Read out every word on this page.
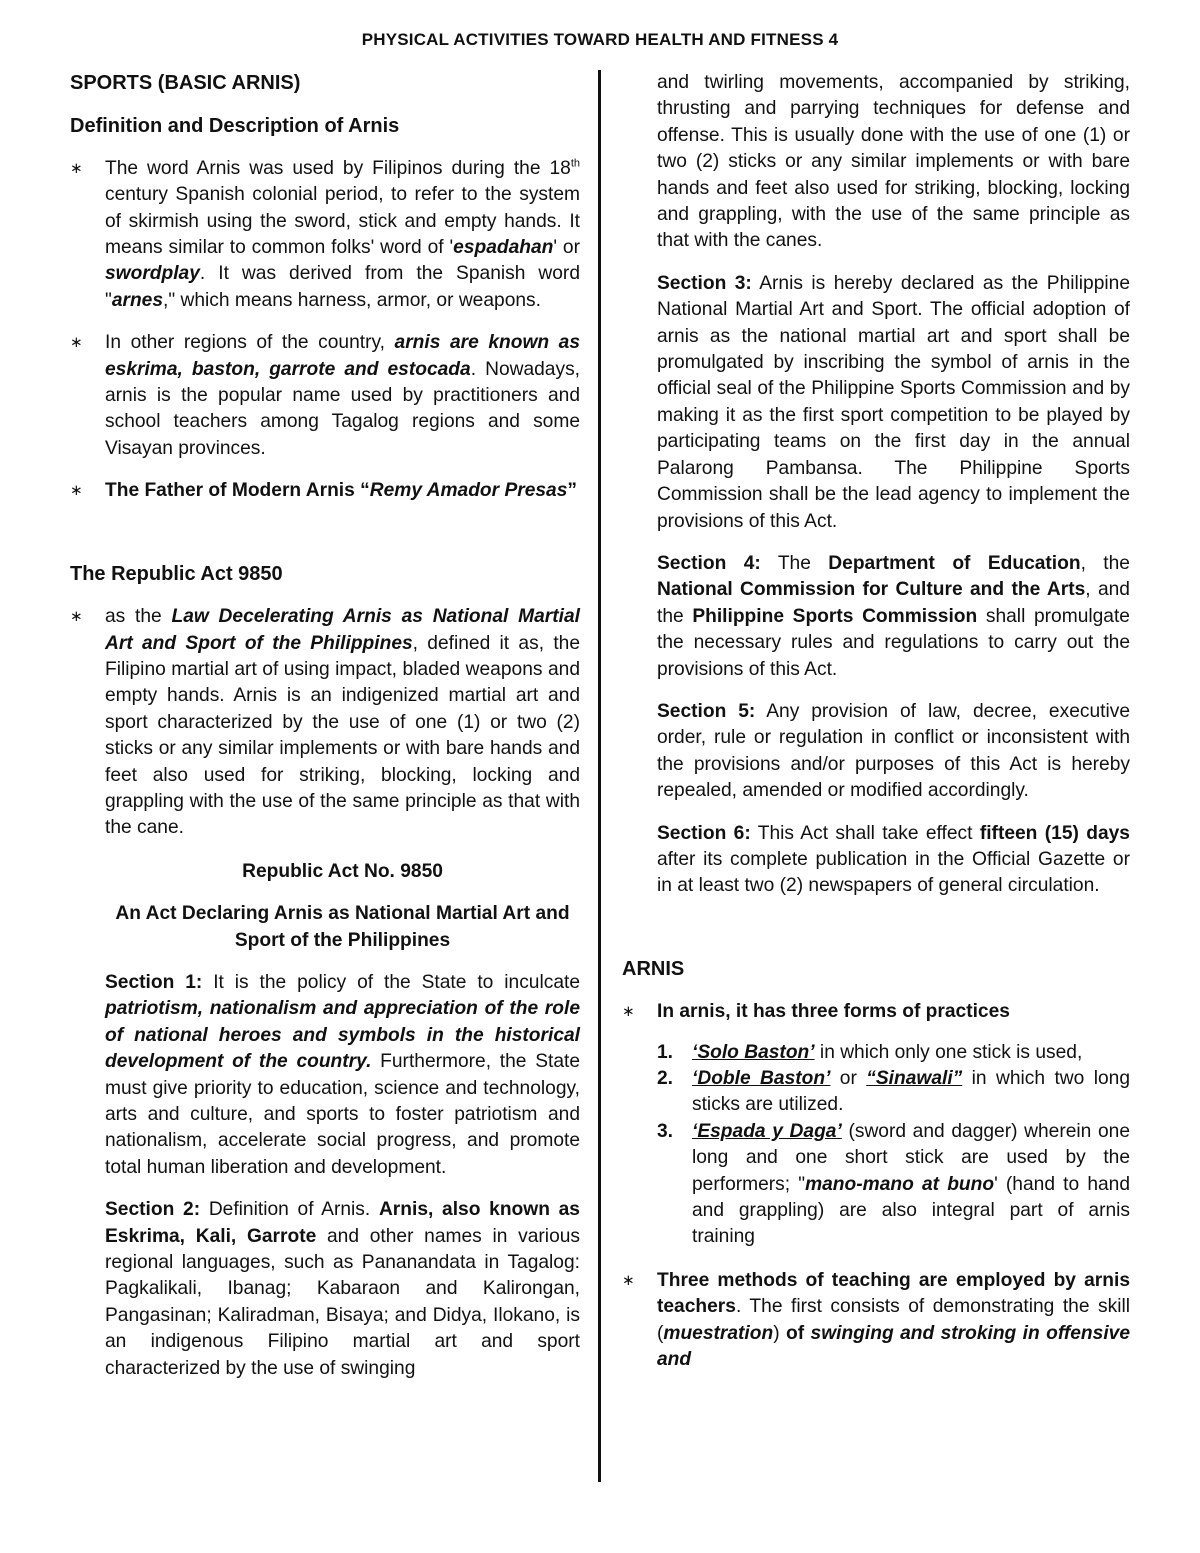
PHYSICAL ACTIVITIES TOWARD HEALTH AND FITNESS 4

SPORTS (BASIC ARNIS)

Definition and Description of Arnis

∗ The word Arnis was used by Filipinos during the 18th century Spanish colonial period, to refer to the system of skirmish using the sword, stick and empty hands. It means similar to common folks' word of 'espadahan' or swordplay. It was derived from the Spanish word "arnes," which means harness, armor, or weapons.
∗ In other regions of the country, arnis are known as eskrima, baston, garrote and estocada. Nowadays, arnis is the popular name used by practitioners and school teachers among Tagalog regions and some Visayan provinces.
∗ The Father of Modern Arnis “Remy Amador Presas”

The Republic Act 9850

∗ as the Law Decelerating Arnis as National Martial Art and Sport of the Philippines, defined it as, the Filipino martial art of using impact, bladed weapons and empty hands. Arnis is an indigenized martial art and sport characterized by the use of one (1) or two (2) sticks or any similar implements or with bare hands and feet also used for striking, blocking, locking and grappling with the use of the same principle as that with the cane.

Republic Act No. 9850

An Act Declaring Arnis as National Martial Art and Sport of the Philippines

Section 1: It is the policy of the State to inculcate patriotism, nationalism and appreciation of the role of national heroes and symbols in the historical development of the country. Furthermore, the State must give priority to education, science and technology, arts and culture, and sports to foster patriotism and nationalism, accelerate social progress, and promote total human liberation and development.
Section 2: Definition of Arnis. Arnis, also known as Eskrima, Kali, Garrote and other names in various regional languages, such as Pananandata in Tagalog: Pagkalikali, Ibanag; Kabaraon and Kalirongan, Pangasinan; Kaliradman, Bisaya; and Didya, Ilokano, is an indigenous Filipino martial art and sport characterized by the use of swinging
and twirling movements, accompanied by striking, thrusting and parrying techniques for defense and offense. This is usually done with the use of one (1) or two (2) sticks or any similar implements or with bare hands and feet also used for striking, blocking, locking and grappling, with the use of the same principle as that with the canes.
Section 3: Arnis is hereby declared as the Philippine National Martial Art and Sport. The official adoption of arnis as the national martial art and sport shall be promulgated by inscribing the symbol of arnis in the official seal of the Philippine Sports Commission and by making it as the first sport competition to be played by participating teams on the first day in the annual Palarong Pambansa. The Philippine Sports Commission shall be the lead agency to implement the provisions of this Act.
Section 4: The Department of Education, the National Commission for Culture and the Arts, and the Philippine Sports Commission shall promulgate the necessary rules and regulations to carry out the provisions of this Act.
Section 5: Any provision of law, decree, executive order, rule or regulation in conflict or inconsistent with the provisions and/or purposes of this Act is hereby repealed, amended or modified accordingly.
Section 6: This Act shall take effect fifteen (15) days after its complete publication in the Official Gazette or in at least two (2) newspapers of general circulation.

ARNIS

∗ In arnis, it has three forms of practices
1. ‘Solo Baston’ in which only one stick is used,
2. ‘Doble Baston’ or “Sinawali” in which two long sticks are utilized.
3. ‘Espada y Daga’ (sword and dagger) wherein one long and one short stick are used by the performers; "mano-mano at buno' (hand to hand and grappling) are also integral part of arnis training
∗ Three methods of teaching are employed by arnis teachers. The first consists of demonstrating the skill (muestration) of swinging and stroking in offensive and
